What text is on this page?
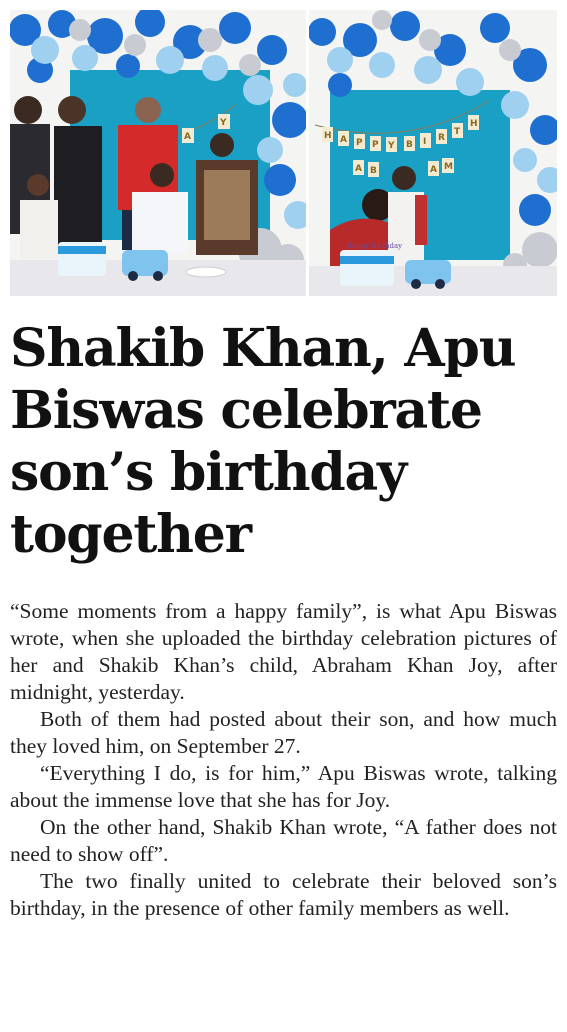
A
Y
H A P P Y B I R
T
H
A B	A M
Happy Birthday
Shakib Khan, Apu
Biswas celebrate
son’s birthday
together

“Some moments from a happy family”, is what Apu Biswas wrote, when she uploaded the birthday celebration pictures of her and Shakib Khan’s child, Abraham Khan Joy, after midnight, yesterday.

Both of them had posted about their son, and how much they loved him, on September 27.

“Everything I do, is for him,” Apu Biswas wrote, talking about the immense love that she has for Joy.

On the other hand, Shakib Khan wrote, “A father does not need to show off”.

The two finally united to celebrate their beloved son’s birthday, in the presence of other family members as well.
